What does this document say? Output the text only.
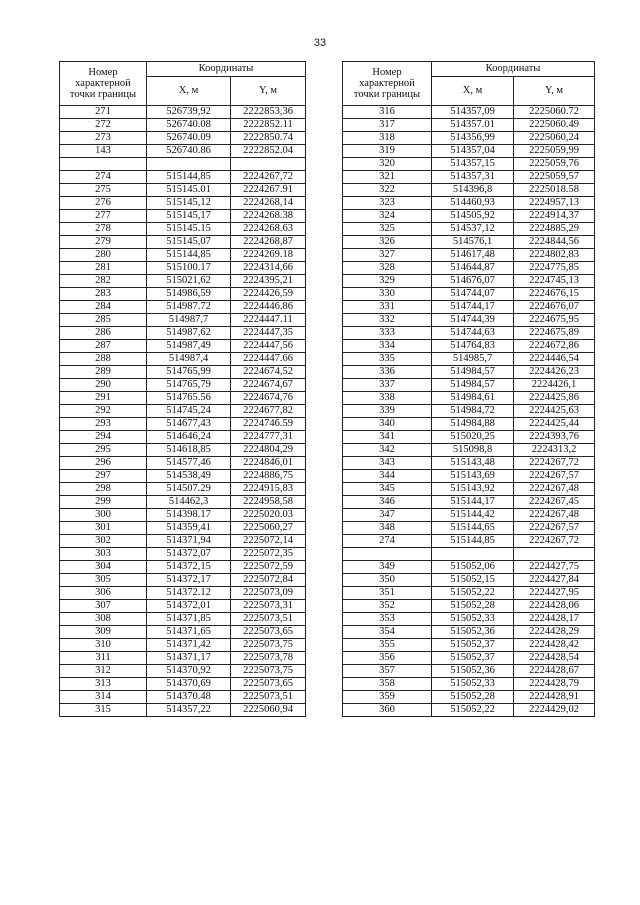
33
Номер
характерной
точки границы	Координаты	
	X, м	Y, м
271	526739,92	2222853,36
272	526740.08	2222852.11
273	526740.09	2222850.74
143	526740.86	2222852.04

274	515144,85	2224267,72
275	515145.01	2224267.91
276	515145,12	2224268,14
277	515145,17	2224268.38
278	515145.15	2224268.63
279	515145,07	2224268,87
280	515144,85	2224269.18
281	515100.17	2224314,66
282	515021,62	2224395,21
283	514986,59	2224426,59
284	514987.72	2224446.86
285	514987,7	2224447.11
286	514987,62	2224447,35
287	514987,49	2224447,56
288	514987,4	2224447.66
289	514765,99	2224674,52
290	514765,79	2224674,67
291	514765.56	2224674,76
292	514745,24	2224677,82
293	514677,43	2224746.59
294	514646,24	2224777,31
295	514618,85	2224804,29
296	514577,46	2224846,01
297	514538,49	2224886,75
298	514507.29	2224915,83
299	514462,3	2224958,58
300	514398.17	2225020.03
301	514359,41	2225060,27
302	514371,94	2225072,14
303	514372,07	2225072,35
304	514372,15	2225072,59
305	514372,17	2225072,84
306	514372.12	2225073,09
307	514372,01	2225073,31
308	514371,85	2225073,51
309	514371,65	2225073,65
310	514371,42	2225073,75
311	514371,17	2225073,78
312	514370,92	2225073,75
313	514370,69	2225073,65
314	514370.48	2225073,51
315	514357,22	2225060,94
Номер
характерной
точки границы	Координаты	
	X, м	Y, м
316	514357,09	2225060.72
317	514357.01	2225060.49
318	514356,99	2225060,24
319	514357,04	2225059,99
320	514357,15	2225059,76
321	514357,31	2225059,57
322	514396,8	2225018.58
323	514460,93	2224957,13
324	514505,92	2224914,37
325	514537,12	2224885,29
326	514576,1	2224844,56
327	514617,48	2224802,83
328	514644,87	2224775,85
329	514676,07	2224745,13
330	514744,07	2224676,15
331	514744,17	2224676,07
332	514744,39	2224675,95
333	514744,63	2224675,89
334	514764,83	2224672,86
335	514985,7	2224446,54
336	514984,57	2224426,23
337	514984,57	2224426,1
338	514984,61	2224425,86
339	514984,72	2224425,63
340	514984,88	2224425,44
341	515020,25	2224393,76
342	515098,8	2224313,2
343	515143,48	2224267,72
344	515143,69	2224267,57
345	515143,92	2224267,48
346	515144,17	2224267,45
347	515144,42	2224267,48
348	515144,65	2224267,57
274	515144,85	2224267,72

349	515052,06	2224427,75
350	515052,15	2224427,84
351	515052,22	2224427,95
352	515052,28	2224428,06
353	515052,33	2224428,17
354	515052,36	2224428,29
355	515052,37	2224428,42
356	515052,37	2224428,54
357	515052,36	2224428,67
358	515052,33	2224428,79
359	515052,28	2224428,91
360	515052,22	2224429,02
